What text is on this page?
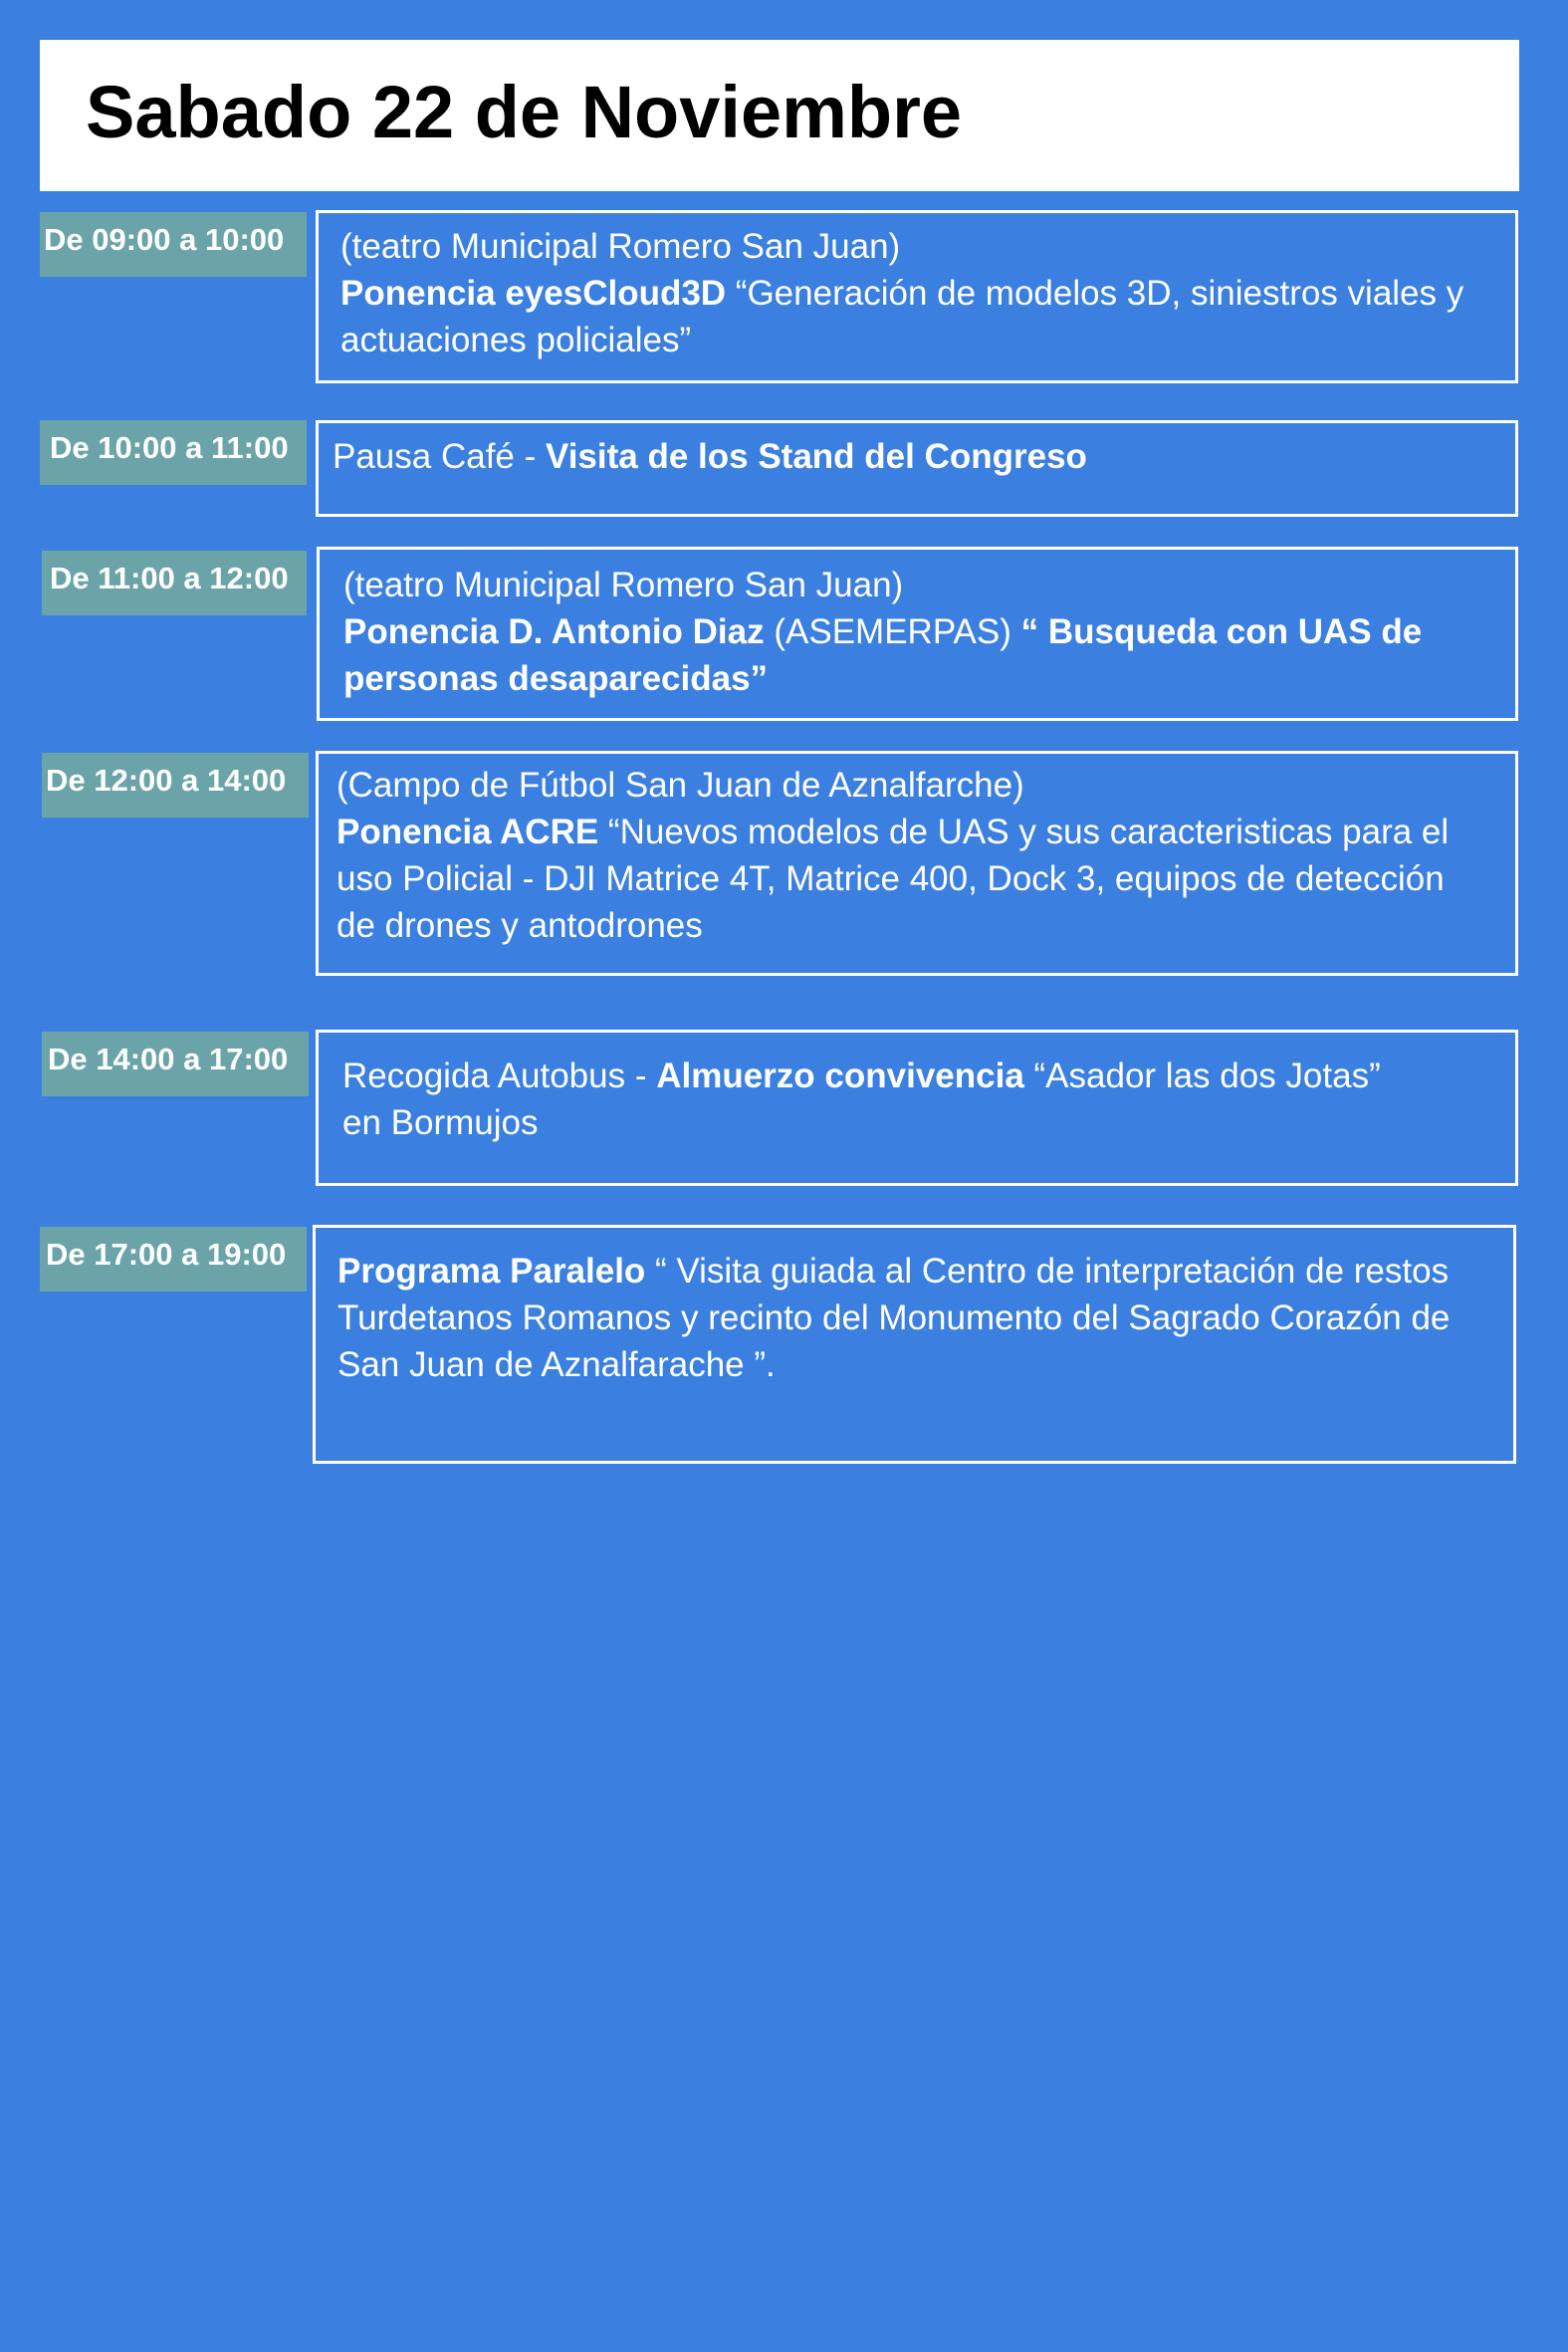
Sabado 22 de Noviembre
De 09:00 a 10:00	(teatro Municipal Romero San Juan)
Ponencia eyesCloud3D “Generación de modelos 3D, siniestros viales y
actuaciones policiales”
De 10:00 a 11:00	Pausa Café - Visita de los Stand del Congreso
De 11:00 a 12:00	(teatro Municipal Romero San Juan)
Ponencia D. Antonio Diaz (ASEMERPAS) “ Busqueda con UAS de
personas desaparecidas”
De 12:00 a 14:00	(Campo de Fútbol San Juan de Aznalfarche)
Ponencia ACRE “Nuevos modelos de UAS y sus caracteristicas para el
uso Policial - DJI Matrice 4T, Matrice 400, Dock 3, equipos de detección
de drones y antodrones
De 14:00 a 17:00	Recogida Autobus - Almuerzo convivencia “Asador las dos Jotas”
en Bormujos
De 17:00 a 19:00	Programa Paralelo “ Visita guiada al Centro de interpretación de restos
Turdetanos Romanos y recinto del Monumento del Sagrado Corazón de
San Juan de Aznalfarache ”.
